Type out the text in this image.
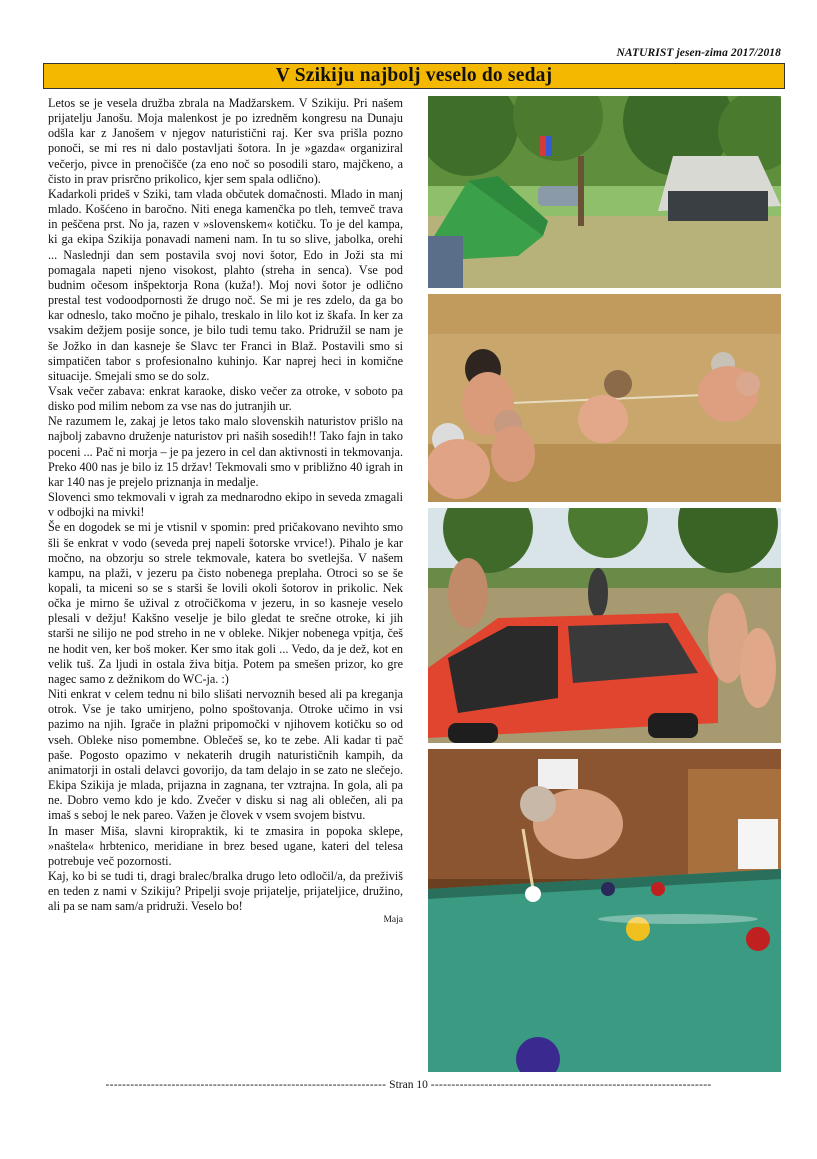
NATURIST jesen-zima 2017/2018
V Szikiju najbolj veselo do sedaj

Letos se je vesela družba zbrala na Madžarskem. V Szikiju. Pri našem prijatelju Janošu. Moja malenkost je po izredněm kongresu na Dunaju odšla kar z Janošem v njegov naturistični raj. Ker sva prišla pozno ponoči, se mi res ni dalo postavljati šotora. In je »gazda« organiziral večerjo, pivce in prenočišče (za eno noč so posodili staro, majčkeno, a čisto in prav prisrčno prikolico, kjer sem spala odlično).

Kadarkoli prideš v Sziki, tam vlada občutek domačnosti. Mlado in manj mlado. Košćeno in baročno. Niti enega kamenčka po tleh, temveč trava in peščena prst. No ja, razen v »slovenskem« kotičku. To je del kampa, ki ga ekipa Szikija ponavadi nameni nam. In tu so slive, jabolka, orehi ... Naslednji dan sem postavila svoj novi šotor, Edo in Joži sta mi pomagala napeti njeno visokost, plahto (streha in senca). Vse pod budnim očesom inšpektorja Rona (kuža!). Moj novi šotor je odlično prestal test vodoodpornosti že drugo noč. Se mi je res zdelo, da ga bo kar odneslo, tako močno je pihalo, treskalo in lilo kot iz škafa. In ker za vsakim dežjem posije sonce, je bilo tudi temu tako. Pridružil se nam je še Jožko in dan kasneje še Slavc ter Franci in Blaž. Postavili smo si simpatičen tabor s profesionalno kuhinjo. Kar naprej heci in komične situacije. Smejali smo se do solz.

Vsak večer zabava: enkrat karaoke, disko večer za otroke, v soboto pa disko pod milim nebom za vse nas do jutranjih ur.

Ne razumem le, zakaj je letos tako malo slovenskih naturistov prišlo na najbolj zabavno druženje naturistov pri naših sosedih!! Tako fajn in tako poceni ... Pač ni morja – je pa jezero in cel dan aktivnosti in tekmovanja. Preko 400 nas je bilo iz 15 držav! Tekmovali smo v približno 40 igrah in kar 140 nas je prejelo priznanja in medalje.

Slovenci smo tekmovali v igrah za mednarodno ekipo in seveda zmagali v odbojki na mivki!

Še en dogodek se mi je vtisnil v spomin: pred pričakovano nevihto smo šli še enkrat v vodo (seveda prej napeli šotorske vrvice!). Pihalo je kar močno, na obzorju so strele tekmovale, katera bo svetlejša. V našem kampu, na plaži, v jezeru pa čisto nobenega preplaha. Otroci so se še kopali, ta miceni so se s starši še lovili okoli šotorov in prikolic. Nek očka je mirno še užival z otročičkoma v jezeru, in so kasneje veselo plesali v dežju! Kakšno veselje je bilo gledat te srečne otroke, ki jih starši ne silijo ne pod streho in ne v obleke. Nikjer nobenega vpitja, češ ne hodit ven, ker boš moker. Ker smo itak goli ... Vedo, da je dež, kot en velik tuš. Za ljudi in ostala živa bitja. Potem pa smešen prizor, ko gre nagec samo z dežnikom do WC-ja. :)

Niti enkrat v celem tednu ni bilo slišati nervoznih besed ali pa kreganja otrok. Vse je tako umirjeno, polno spoštovanja. Otroke učimo in vsi pazimo na njih. Igrače in plažni pripomočki v njihovem kotičku so od vseh. Obleke niso pomembne. Oblečeš se, ko te zebe. Ali kadar ti pač paše. Pogosto opazimo v nekaterih drugih naturističnih kampih, da animatorji in ostali delavci govorijo, da tam delajo in se zato ne slečejo. Ekipa Szikija je mlada, prijazna in zagnana, ter vztrajna. In gola, ali pa ne. Dobro vemo kdo je kdo. Zvečer v disku si nag ali oblečen, ali pa imaš s seboj le nek pareo. Važen je človek v vsem svojem bistvu.

In maser Miša, slavni kiropraktik, ki te zmasira in popoka sklepe, »naštela« hrbtenico, meridiane in brez besed ugane, kateri del telesa potrebuje več pozornosti.

Kaj, ko bi se tudi ti, dragi bralec/bralka drugo leto odločil/a, da preživiš en teden z nami v Szikiju? Pripelji svoje prijatelje, prijateljice, družino, ali pa se nam sam/a pridruži. Veselo bo!

Maja
-------------------------------------------------------------------- Stran 10 --------------------------------------------------------------------
